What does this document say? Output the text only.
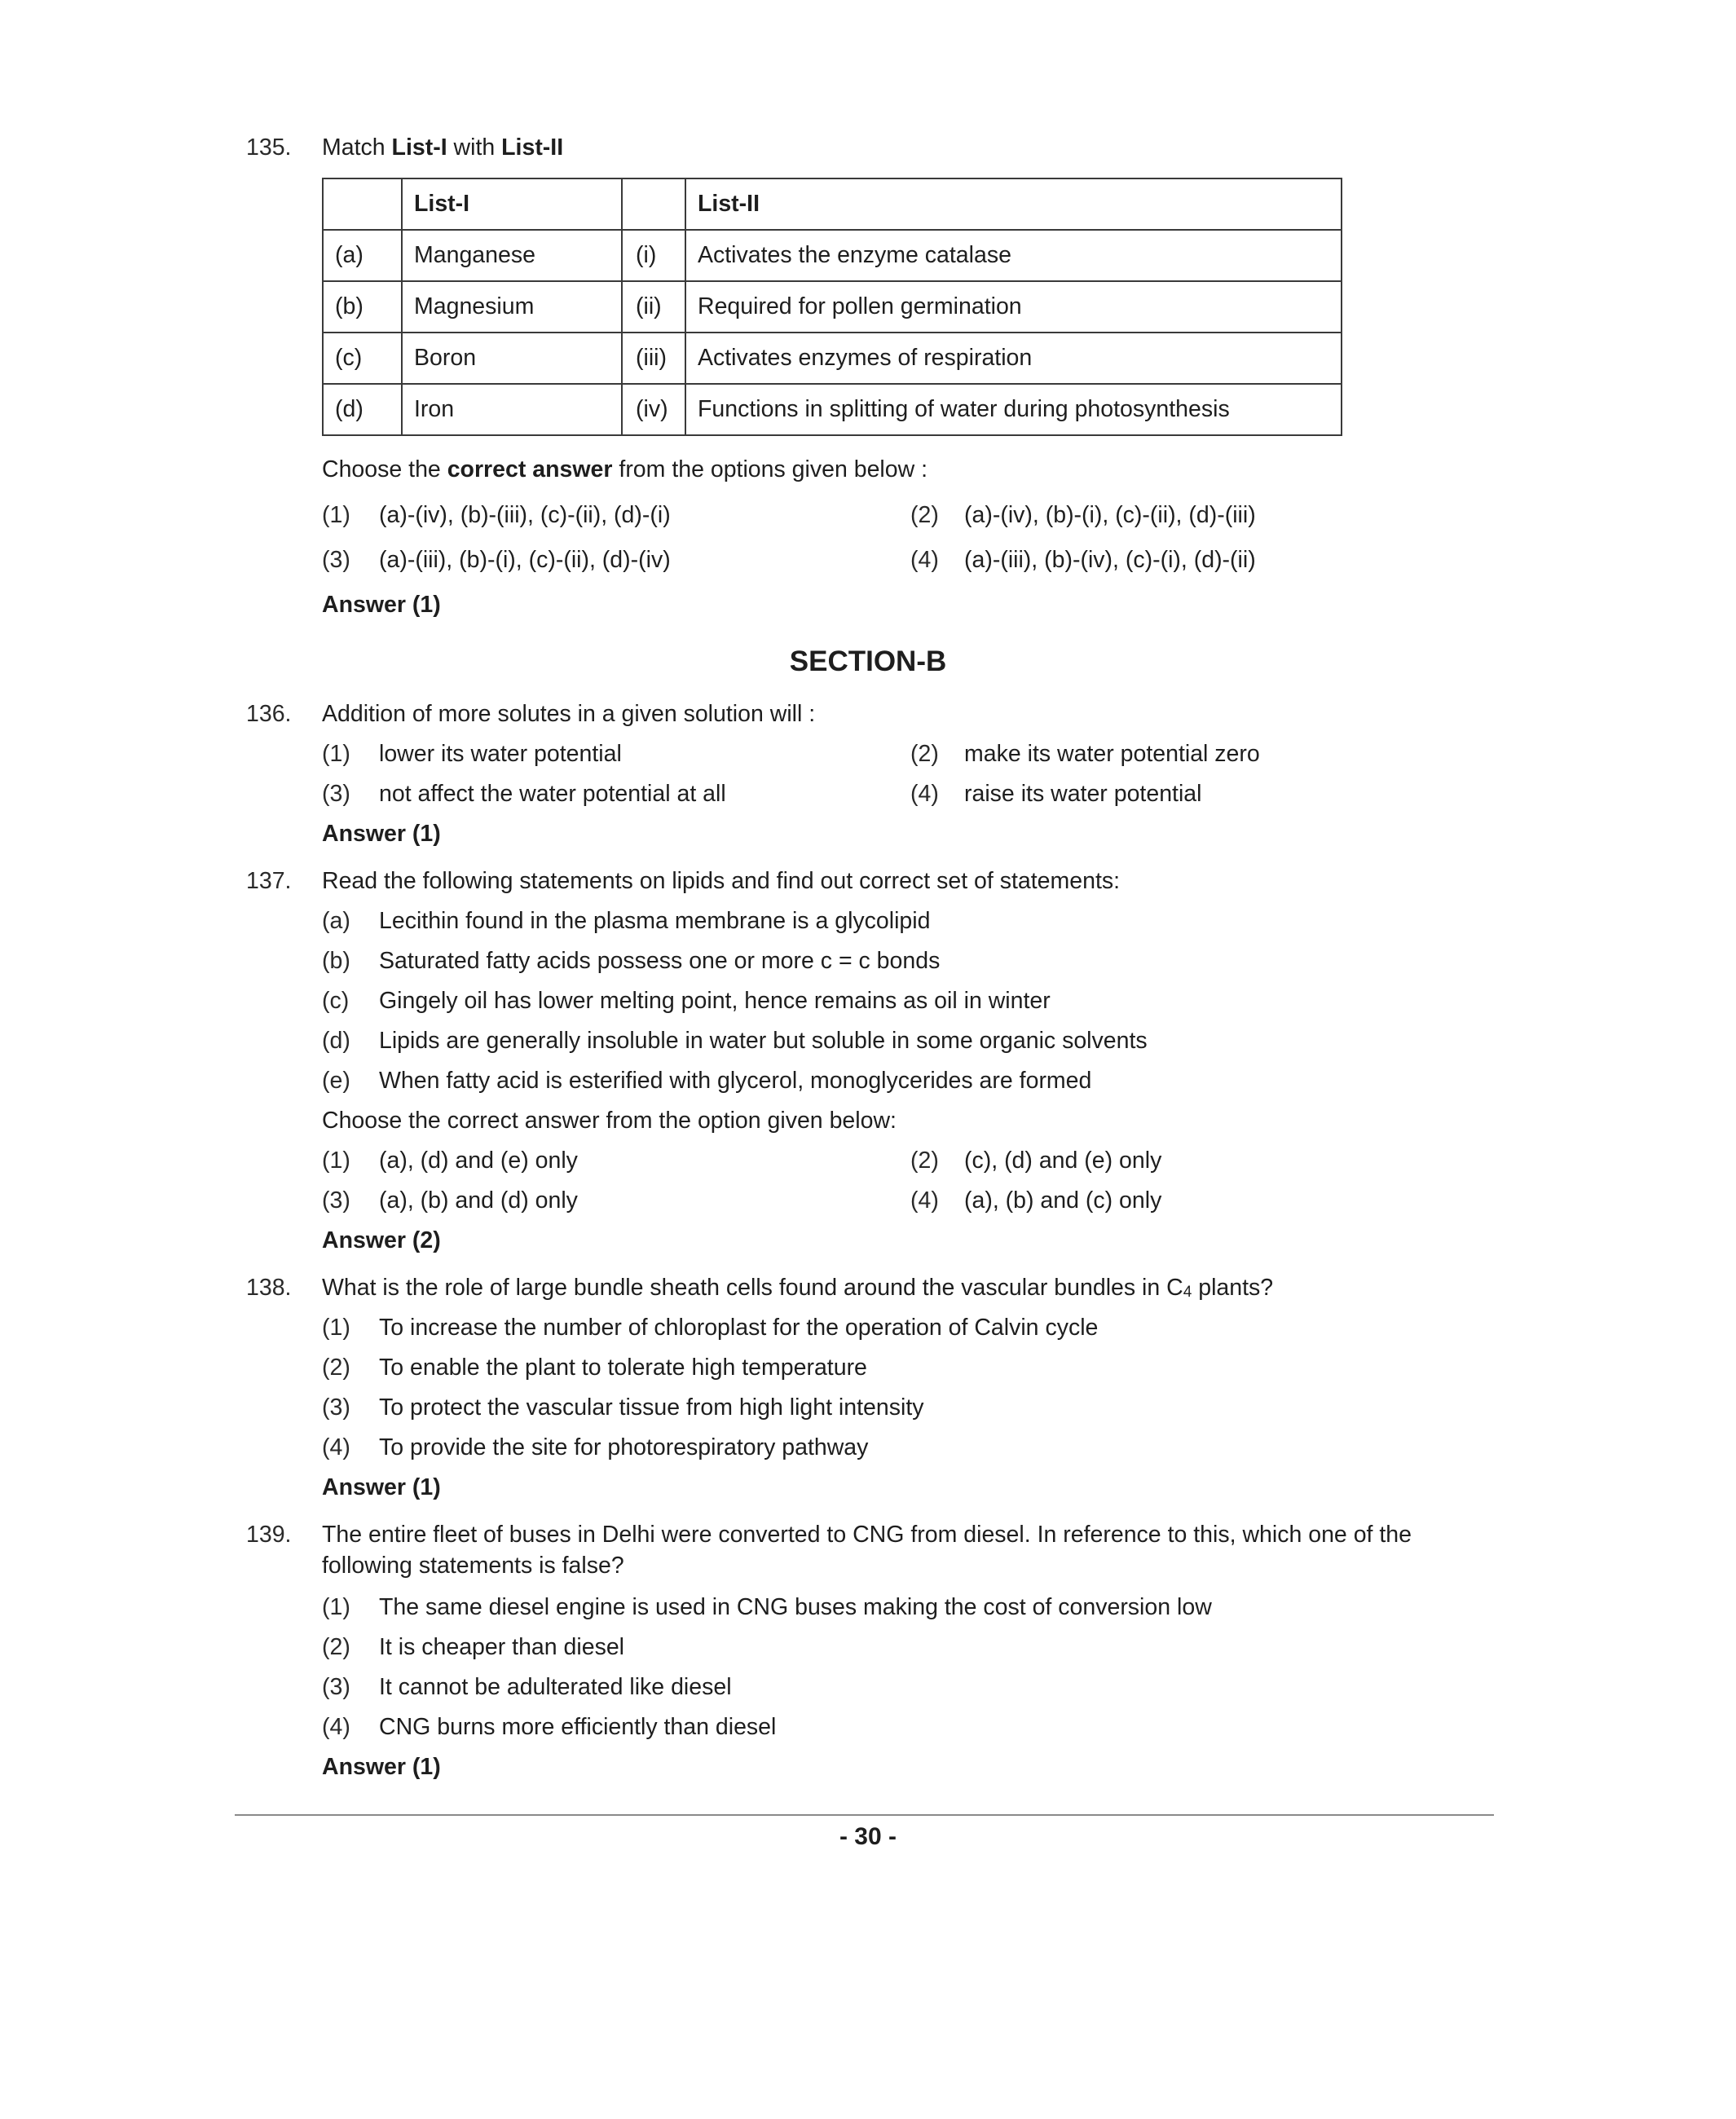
135. Match List-I with List-II
	List-I		List-II
(a)	Manganese	(i)	Activates the enzyme catalase
(b)	Magnesium	(ii)	Required for pollen germination
(c)	Boron	(iii)	Activates enzymes of respiration
(d)	Iron	(iv)	Functions in splitting of water during photosynthesis
Choose the correct answer from the options given below :
(1) (a)-(iv), (b)-(iii), (c)-(ii), (d)-(i)	(2) (a)-(iv), (b)-(i), (c)-(ii), (d)-(iii)
(3) (a)-(iii), (b)-(i), (c)-(ii), (d)-(iv)	(4) (a)-(iii), (b)-(iv), (c)-(i), (d)-(ii)
Answer (1)
SECTION-B
136. Addition of more solutes in a given solution will :
(1) lower its water potential	(2) make its water potential zero
(3) not affect the water potential at all	(4) raise its water potential
Answer (1)
137. Read the following statements on lipids and find out correct set of statements:
(a) Lecithin found in the plasma membrane is a glycolipid
(b) Saturated fatty acids possess one or more c = c bonds
(c) Gingely oil has lower melting point, hence remains as oil in winter
(d) Lipids are generally insoluble in water but soluble in some organic solvents
(e) When fatty acid is esterified with glycerol, monoglycerides are formed
Choose the correct answer from the option given below:
(1) (a), (d) and (e) only	(2) (c), (d) and (e) only
(3) (a), (b) and (d) only	(4) (a), (b) and (c) only
Answer (2)
138. What is the role of large bundle sheath cells found around the vascular bundles in $C_4$ plants?
(1) To increase the number of chloroplast for the operation of Calvin cycle
(2) To enable the plant to tolerate high temperature
(3) To protect the vascular tissue from high light intensity
(4) To provide the site for photorespiratory pathway
Answer (1)
139. The entire fleet of buses in Delhi were converted to CNG from diesel. In reference to this, which one of the
following statements is false?
(1) The same diesel engine is used in CNG buses making the cost of conversion low
(2) It is cheaper than diesel
(3) It cannot be adulterated like diesel
(4) CNG burns more efficiently than diesel
Answer (1)
- 30 -
